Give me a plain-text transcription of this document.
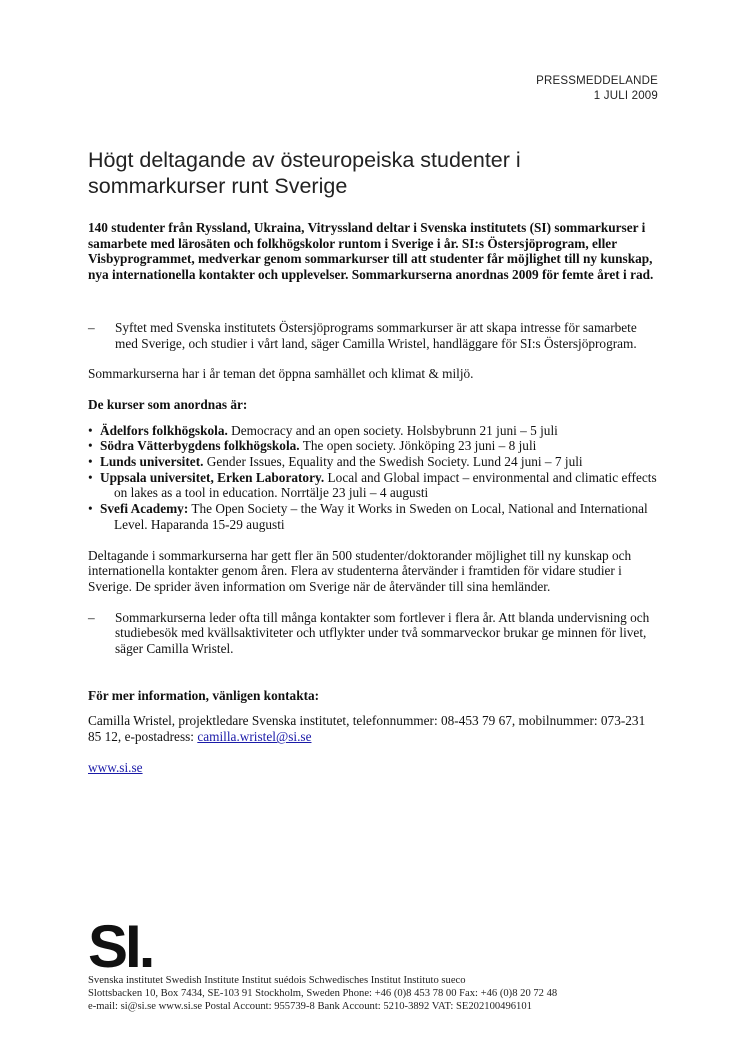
PRESSMEDDELANDE
1 JULI 2009
Högt deltagande av östeuropeiska studenter i sommarkurser runt Sverige

140 studenter från Ryssland, Ukraina, Vitryssland deltar i Svenska institutets (SI) sommarkurser i samarbete med lärosäten och folkhögskolor runtom i Sverige i år. SI:s Östersjöprogram, eller Visbyprogrammet, medverkar genom sommarkurser till att studenter får möjlighet till ny kunskap, nya internationella kontakter och upplevelser. Sommarkurserna anordnas 2009 för femte året i rad.

– Syftet med Svenska institutets Östersjöprograms sommarkurser är att skapa intresse för samarbete med Sverige, och studier i vårt land, säger Camilla Wristel, handläggare för SI:s Östersjöprogram.

Sommarkurserna har i år teman det öppna samhället och klimat & miljö.

De kurser som anordnas är:
• Ädelfors folkhögskola. Democracy and an open society. Holsbybrunn 21 juni – 5 juli
• Södra Vätterbygdens folkhögskola. The open society. Jönköping 23 juni – 8 juli
• Lunds universitet. Gender Issues, Equality and the Swedish Society. Lund 24 juni – 7 juli
• Uppsala universitet, Erken Laboratory. Local and Global impact – environmental and climatic effects on lakes as a tool in education. Norrtälje 23 juli – 4 augusti
• Svefi Academy: The Open Society – the Way it Works in Sweden on Local, National and International Level. Haparanda 15-29 augusti

Deltagande i sommarkurserna har gett fler än 500 studenter/doktorander möjlighet till ny kunskap och internationella kontakter genom åren. Flera av studenterna återvänder i framtiden för vidare studier i Sverige. De sprider även information om Sverige när de återvänder till sina hemländer.

– Sommarkurserna leder ofta till många kontakter som fortlever i flera år. Att blanda undervisning och studiebesök med kvällsaktiviteter och utflykter under två sommarveckor brukar ge minnen för livet, säger Camilla Wristel.

För mer information, vänligen kontakta:

Camilla Wristel, projektledare Svenska institutet, telefonnummer: 08-453 79 67, mobilnummer: 073-231 85 12, e-postadress: camilla.wristel@si.se

www.si.se

SI.
Svenska institutet Swedish Institute Institut suédois Schwedisches Institut Instituto sueco
Slottsbacken 10, Box 7434, SE-103 91 Stockholm, Sweden Phone: +46 (0)8 453 78 00 Fax: +46 (0)8 20 72 48
e-mail: si@si.se www.si.se Postal Account: 955739-8 Bank Account: 5210-3892 VAT: SE202100496101
